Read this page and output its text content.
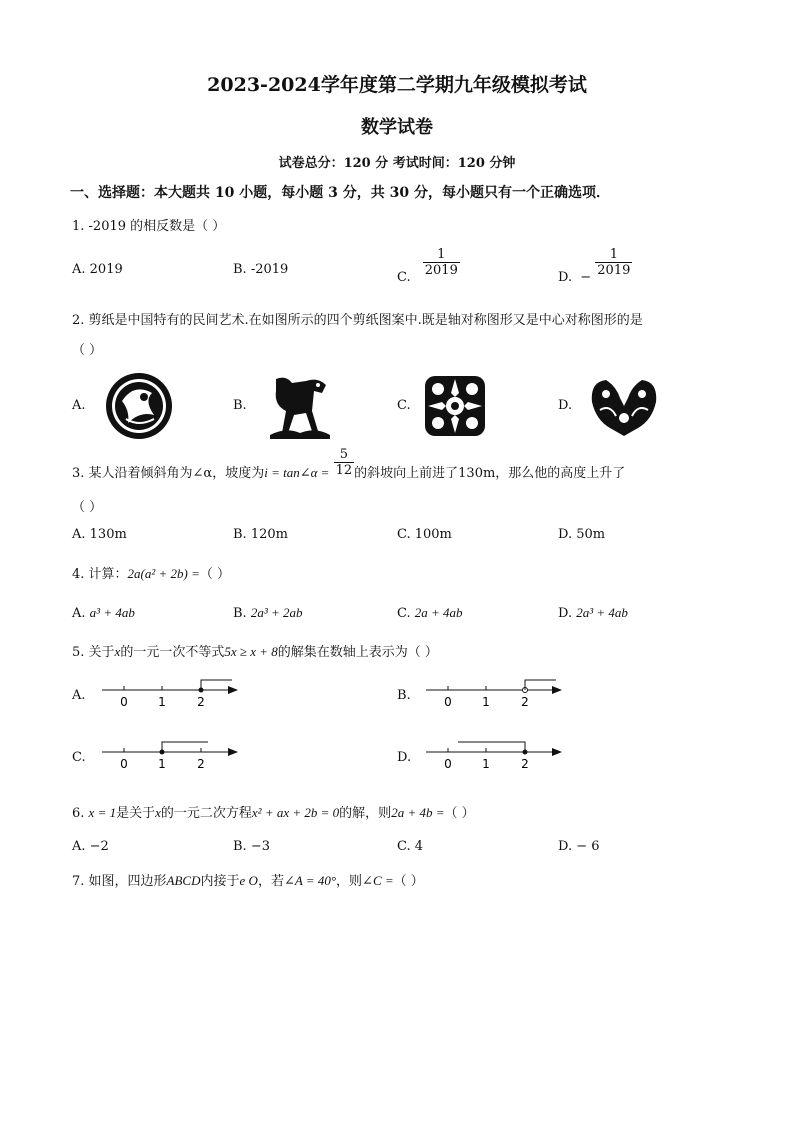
2023-2024学年度第二学期九年级模拟考试
数学试卷
试卷总分：120 分 考试时间：120 分钟
一、选择题：本大题共 10 小题，每小题 3 分，共 30 分，每小题只有一个正确选项．
1. -2019 的相反数是（ ）
A. 2019	B. -2019	C. $\frac{1}{2019}$	D. − $\frac{1}{2019}$
2. 剪纸是中国特有的民间艺术.在如图所示的四个剪纸图案中.既是轴对称图形又是中心对称图形的是
（ ）
A.	B.	C.	D.
3. 某人沿着倾斜角为∠α，坡度为i = tan∠α = $\frac{5}{12}$ 的斜坡向上前进了130m，那么他的高度上升了
（ ）
A. 130m	B. 120m	C. 100m	D. 50m
4. 计算：2a(a² + 2b) =（ ）
A. a³ + 4ab	B. 2a³ + 2ab	C. 2a + 4ab	D. 2a³ + 4ab
5. 关于x的一元一次不等式5x ≥ x + 8的解集在数轴上表示为（ ）
A.	0	1	2	B.	0	1	2
C.	0	1	2	D.	0	1	2
6. x = 1是关于x的一元二次方程x² + ax + 2b = 0的解，则2a + 4b =（ ）
A. −2	B. −3	C. 4	D. − 6
7. 如图，四边形ABCD内接于e O，若∠A = 40°，则∠C =（ ）
